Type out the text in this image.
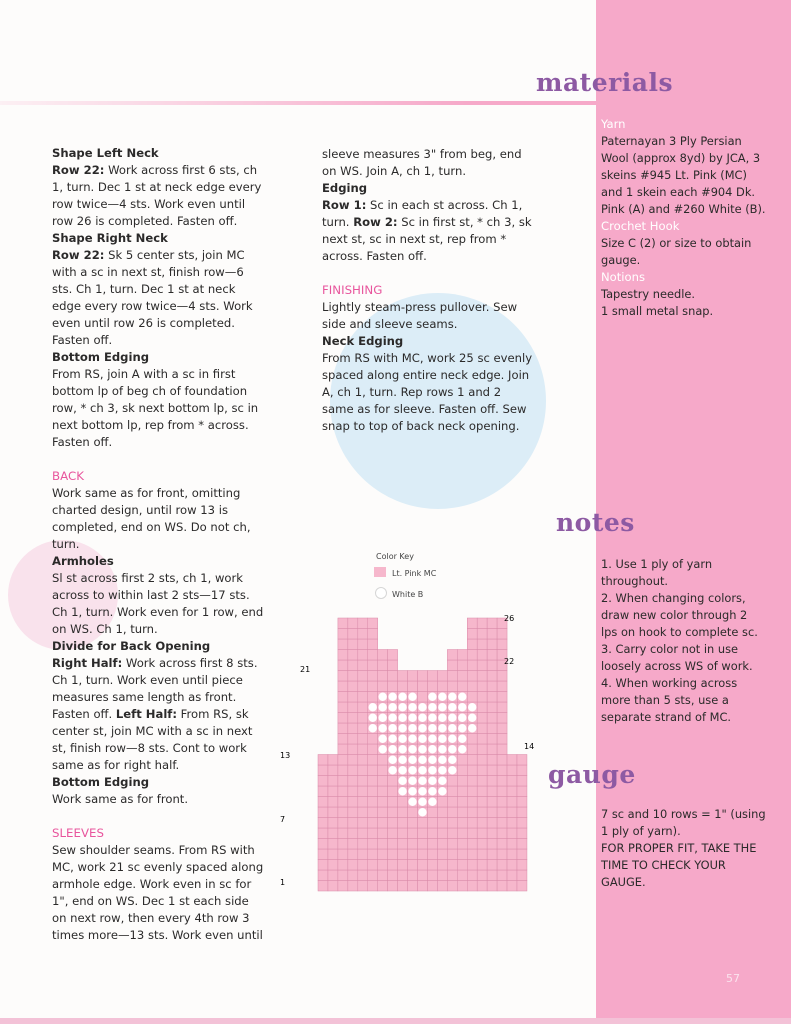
materials
notes
gauge

Shape Left Neck

Row 22: Work across first 6 sts, ch 1, turn. Dec 1 st at neck edge every row twice—4 sts. Work even until row 26 is completed. Fasten off.

Shape Right Neck

Row 22: Sk 5 center sts, join MC with a sc in next st, finish row—6 sts. Ch 1, turn. Dec 1 st at neck edge every row twice—4 sts. Work even until row 26 is completed. Fasten off.

Bottom Edging

From RS, join A with a sc in first bottom lp of beg ch of foundation row, * ch 3, sk next bottom lp, sc in next bottom lp, rep from * across. Fasten off.

BACK

Work same as for front, omitting charted design, until row 13 is completed, end on WS. Do not ch, turn.

Armholes

Sl st across first 2 sts, ch 1, work across to within last 2 sts—17 sts. Ch 1, turn. Work even for 1 row, end on WS. Ch 1, turn.

Divide for Back Opening

Right Half: Work across first 8 sts. Ch 1, turn. Work even until piece measures same length as front. Fasten off. Left Half: From RS, sk center st, join MC with a sc in next st, finish row—8 sts. Cont to work same as for right half.

Bottom Edging

Work same as for front.

SLEEVES

Sew shoulder seams. From RS with MC, work 21 sc evenly spaced along armhole edge. Work even in sc for 1", end on WS. Dec 1 st each side on next row, then every 4th row 3 times more—13 sts. Work even until

sleeve measures 3" from beg, end on WS. Join A, ch 1, turn.

Edging

Row 1: Sc in each st across. Ch 1, turn. Row 2: Sc in first st, * ch 3, sk next st, sc in next st, rep from * across. Fasten off.

FINISHING

Lightly steam-press pullover. Sew side and sleeve seams.

Neck Edging

From RS with MC, work 25 sc evenly spaced along entire neck edge. Join A, ch 1, turn. Rep rows 1 and 2 same as for sleeve. Fasten off. Sew snap to top of back neck opening.

Yarn

Paternayan 3 Ply Persian Wool (approx 8yd) by JCA, 3 skeins #945 Lt. Pink (MC) and 1 skein each #904 Dk. Pink (A) and #260 White (B).

Crochet Hook

Size C (2) or size to obtain gauge.

Notions

Tapestry needle.

1 small metal snap.

1. Use 1 ply of yarn throughout.

2. When changing colors, draw new color through 2 lps on hook to complete sc.

3. Carry color not in use loosely across WS of work.

4. When working across more than 5 sts, use a separate strand of MC.

7 sc and 10 rows = 1" (using 1 ply of yarn).

FOR PROPER FIT, TAKE THE TIME TO CHECK YOUR GAUGE.

Color Key
Lt. Pink MC
White B
26
22
21
14
13
7
1
57
